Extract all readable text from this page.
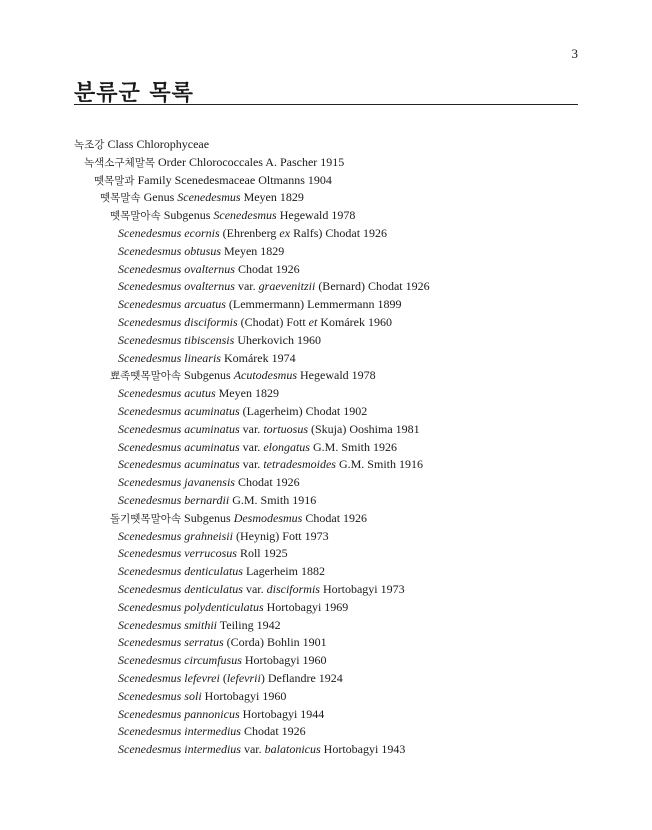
3
분류군 목록
녹조강 Class Chlorophyceae
녹색소구체말목 Order Chlorococcales A. Pascher 1915
뗏목말과 Family Scenedesmaceae Oltmanns 1904
뗏목말속 Genus Scenedesmus Meyen 1829
뗏목말아속 Subgenus Scenedesmus Hegewald 1978
Scenedesmus ecornis (Ehrenberg ex Ralfs) Chodat 1926
Scenedesmus obtusus Meyen 1829
Scenedesmus ovalternus Chodat 1926
Scenedesmus ovalternus var. graevenitzii (Bernard) Chodat 1926
Scenedesmus arcuatus (Lemmermann) Lemmermann 1899
Scenedesmus disciformis (Chodat) Fott et Komárek 1960
Scenedesmus tibiscensis Uherkovich 1960
Scenedesmus linearis Komárek 1974
뾰족뗏목말아속 Subgenus Acutodesmus Hegewald 1978
Scenedesmus acutus Meyen 1829
Scenedesmus acuminatus (Lagerheim) Chodat 1902
Scenedesmus acuminatus var. tortuosus (Skuja) Ooshima 1981
Scenedesmus acuminatus var. elongatus G.M. Smith 1926
Scenedesmus acuminatus var. tetradesmoides G.M. Smith 1916
Scenedesmus javanensis Chodat 1926
Scenedesmus bernardii G.M. Smith 1916
돌기뗏목말아속 Subgenus Desmodesmus Chodat 1926
Scenedesmus grahneisii (Heynig) Fott 1973
Scenedesmus verrucosus Roll 1925
Scenedesmus denticulatus Lagerheim 1882
Scenedesmus denticulatus var. disciformis Hortobagyi 1973
Scenedesmus polydenticulatus Hortobagyi 1969
Scenedesmus smithii Teiling 1942
Scenedesmus serratus (Corda) Bohlin 1901
Scenedesmus circumfusus Hortobagyi 1960
Scenedesmus lefevrei (lefevrii) Deflandre 1924
Scenedesmus soli Hortobagyi 1960
Scenedesmus pannonicus Hortobagyi 1944
Scenedesmus intermedius Chodat 1926
Scenedesmus intermedius var. balatonicus Hortobagyi 1943
